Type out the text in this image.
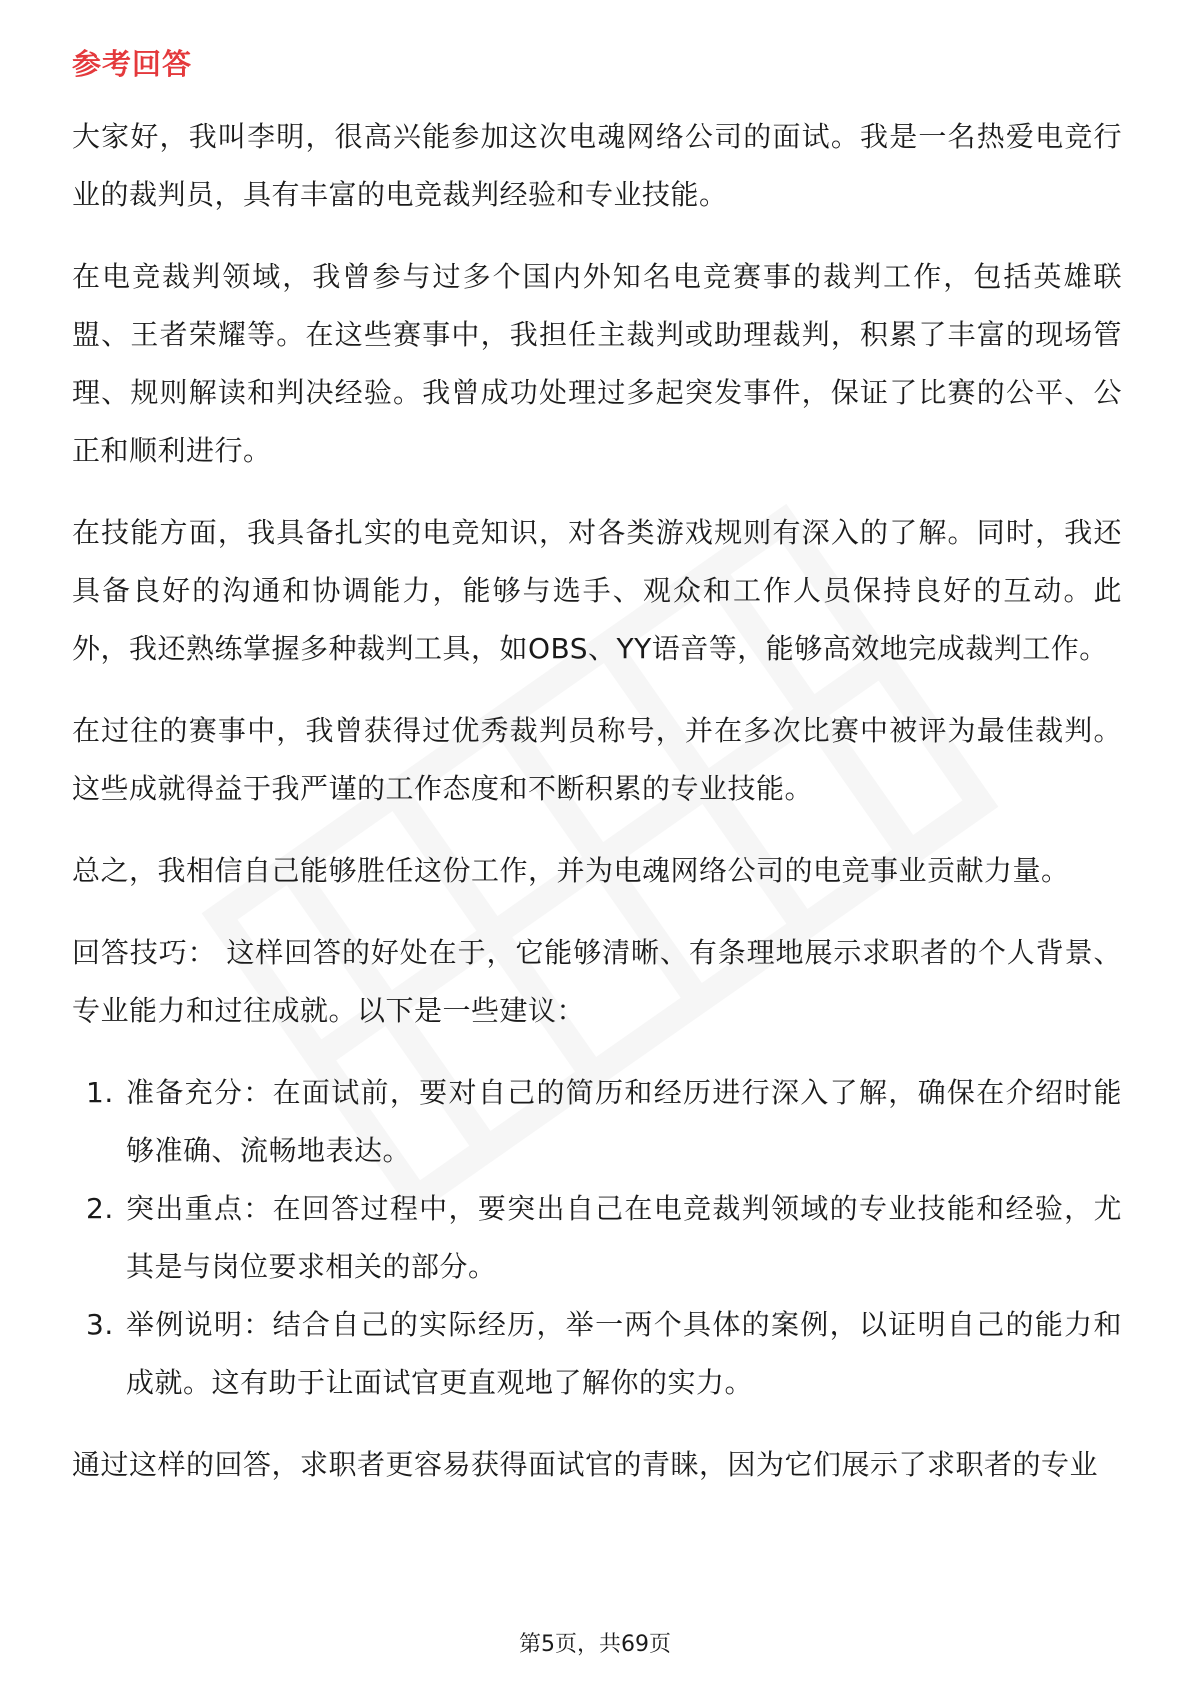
参考回答

大家好，我叫李明，很高兴能参加这次电魂网络公司的面试。我是一名热爱电竞行业的裁判员，具有丰富的电竞裁判经验和专业技能。

在电竞裁判领域，我曾参与过多个国内外知名电竞赛事的裁判工作，包括英雄联盟、王者荣耀等。在这些赛事中，我担任主裁判或助理裁判，积累了丰富的现场管理、规则解读和判决经验。我曾成功处理过多起突发事件，保证了比赛的公平、公正和顺利进行。

在技能方面，我具备扎实的电竞知识，对各类游戏规则有深入的了解。同时，我还具备良好的沟通和协调能力，能够与选手、观众和工作人员保持良好的互动。此外，我还熟练掌握多种裁判工具，如OBS、YY语音等，能够高效地完成裁判工作。

在过往的赛事中，我曾获得过优秀裁判员称号，并在多次比赛中被评为最佳裁判。这些成就得益于我严谨的工作态度和不断积累的专业技能。

总之，我相信自己能够胜任这份工作，并为电魂网络公司的电竞事业贡献力量。

回答技巧： 这样回答的好处在于，它能够清晰、有条理地展示求职者的个人背景、专业能力和过往成就。以下是一些建议：

1. 准备充分：在面试前，要对自己的简历和经历进行深入了解，确保在介绍时能够准确、流畅地表达。
2. 突出重点：在回答过程中，要突出自己在电竞裁判领域的专业技能和经验，尤其是与岗位要求相关的部分。
3. 举例说明：结合自己的实际经历，举一两个具体的案例，以证明自己的能力和成就。这有助于让面试官更直观地了解你的实力。

通过这样的回答，求职者更容易获得面试官的青睐，因为它们展示了求职者的专业

第5页，共69页
